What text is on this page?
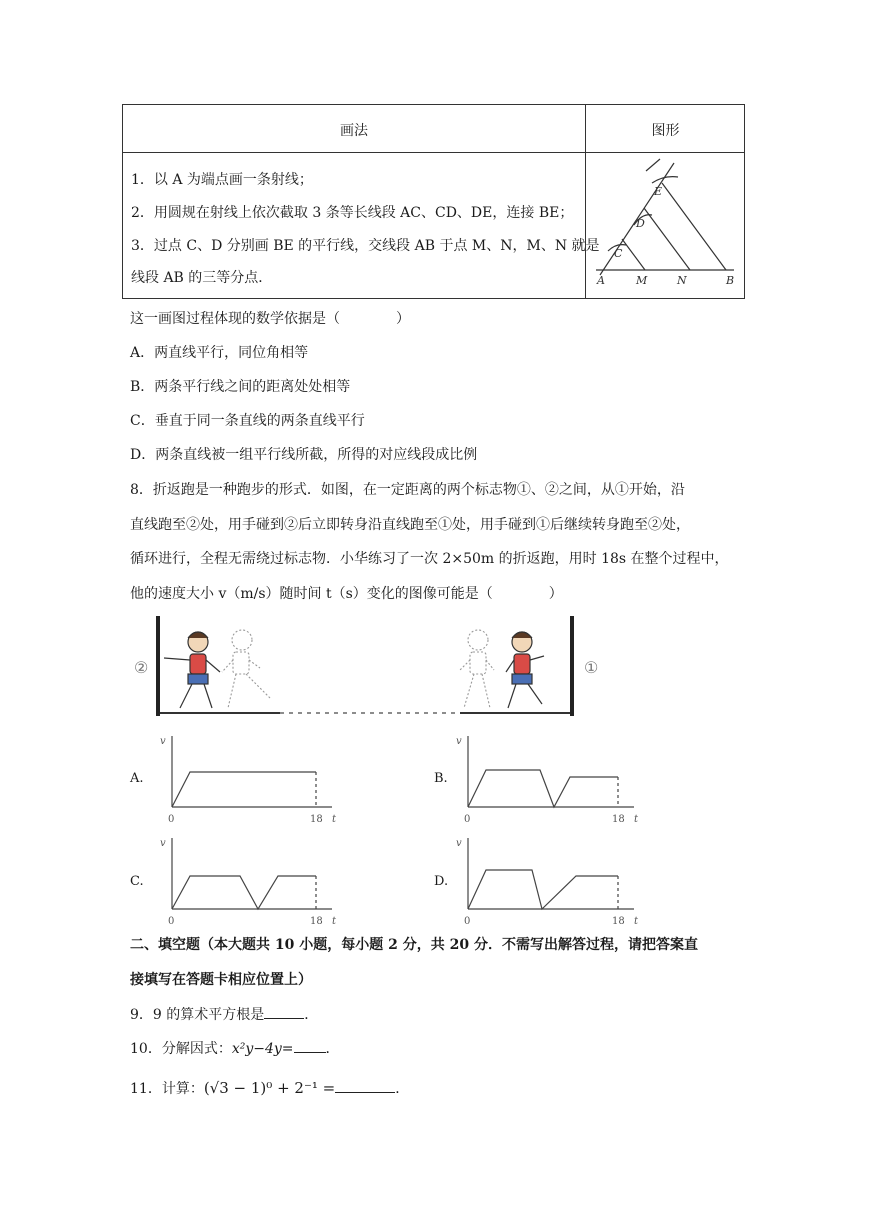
画法	图形
1．以 A 为端点画一条射线；
2．用圆规在射线上依次截取 3 条等长线段 AC、CD、DE，连接 BE；
3．过点 C、D 分别画 BE 的平行线，交线段 AB 于点 M、N，M、N 就是
线段 AB 的三等分点．	A	M	N	B
C
D
E
这一画图过程体现的数学依据是（　　　　）
A．两直线平行，同位角相等
B．两条平行线之间的距离处处相等
C．垂直于同一条直线的两条直线平行
D．两条直线被一组平行线所截，所得的对应线段成比例
8．折返跑是一种跑步的形式．如图，在一定距离的两个标志物①、②之间，从①开始，沿
直线跑至②处，用手碰到②后立即转身沿直线跑至①处，用手碰到①后继续转身跑至②处，
循环进行，全程无需绕过标志物．小华练习了一次 2×50m 的折返跑，用时 18s 在整个过程中，
他的速度大小 v（m/s）随时间 t（s）变化的图像可能是（　　　　）
②	①
A.
v
t
0	18
B.
v
t
0	18
C.
v
t
0	18
D.
v
t
0	18
二、填空题（本大题共 10 小题，每小题 2 分，共 20 分．不需写出解答过程，请把答案直
接填写在答题卡相应位置上）
9．9 的算术平方根是	．
10．分解因式：x²y−4y= ．
11．计算：(√3 − 1)⁰ + 2⁻¹ =	．
